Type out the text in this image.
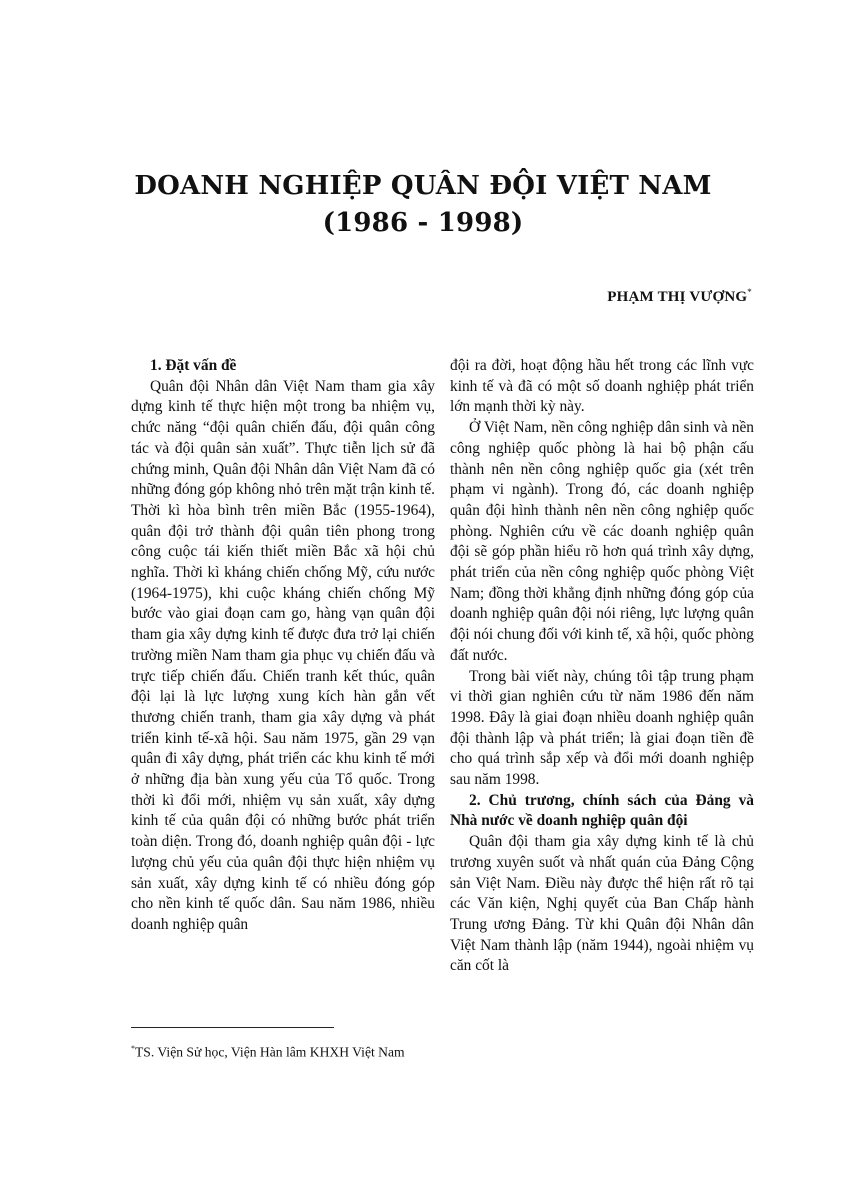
DOANH NGHIỆP QUÂN ĐỘI VIỆT NAM
(1986 - 1998)
PHẠM THỊ VƯỢNG*
1. Đặt vấn đề

Quân đội Nhân dân Việt Nam tham gia xây dựng kinh tế thực hiện một trong ba nhiệm vụ, chức năng “đội quân chiến đấu, đội quân công tác và đội quân sản xuất”. Thực tiễn lịch sử đã chứng minh, Quân đội Nhân dân Việt Nam đã có những đóng góp không nhỏ trên mặt trận kinh tế. Thời kì hòa bình trên miền Bắc (1955-1964), quân đội trở thành đội quân tiên phong trong công cuộc tái kiến thiết miền Bắc xã hội chủ nghĩa. Thời kì kháng chiến chống Mỹ, cứu nước (1964-1975), khi cuộc kháng chiến chống Mỹ bước vào giai đoạn cam go, hàng vạn quân đội tham gia xây dựng kinh tế được đưa trở lại chiến trường miền Nam tham gia phục vụ chiến đấu và trực tiếp chiến đấu. Chiến tranh kết thúc, quân đội lại là lực lượng xung kích hàn gắn vết thương chiến tranh, tham gia xây dựng và phát triển kinh tế-xã hội. Sau năm 1975, gần 29 vạn quân đi xây dựng, phát triển các khu kinh tế mới ở những địa bàn xung yếu của Tổ quốc. Trong thời kì đổi mới, nhiệm vụ sản xuất, xây dựng kinh tế của quân đội có những bước phát triển toàn diện. Trong đó, doanh nghiệp quân đội - lực lượng chủ yếu của quân đội thực hiện nhiệm vụ sản xuất, xây dựng kinh tế có nhiều đóng góp cho nền kinh tế quốc dân. Sau năm 1986, nhiều doanh nghiệp quân

đội ra đời, hoạt động hầu hết trong các lĩnh vực kinh tế và đã có một số doanh nghiệp phát triển lớn mạnh thời kỳ này.

Ở Việt Nam, nền công nghiệp dân sinh và nền công nghiệp quốc phòng là hai bộ phận cấu thành nên nền công nghiệp quốc gia (xét trên phạm vi ngành). Trong đó, các doanh nghiệp quân đội hình thành nên nền công nghiệp quốc phòng. Nghiên cứu về các doanh nghiệp quân đội sẽ góp phần hiểu rõ hơn quá trình xây dựng, phát triển của nền công nghiệp quốc phòng Việt Nam; đồng thời khẳng định những đóng góp của doanh nghiệp quân đội nói riêng, lực lượng quân đội nói chung đối với kinh tế, xã hội, quốc phòng đất nước.

Trong bài viết này, chúng tôi tập trung phạm vi thời gian nghiên cứu từ năm 1986 đến năm 1998. Đây là giai đoạn nhiều doanh nghiệp quân đội thành lập và phát triển; là giai đoạn tiền đề cho quá trình sắp xếp và đổi mới doanh nghiệp sau năm 1998.

2. Chủ trương, chính sách của Đảng và Nhà nước về doanh nghiệp quân đội

Quân đội tham gia xây dựng kinh tế là chủ trương xuyên suốt và nhất quán của Đảng Cộng sản Việt Nam. Điều này được thể hiện rất rõ tại các Văn kiện, Nghị quyết của Ban Chấp hành Trung ương Đảng. Từ khi Quân đội Nhân dân Việt Nam thành lập (năm 1944), ngoài nhiệm vụ căn cốt là

*TS. Viện Sử học, Viện Hàn lâm KHXH Việt Nam
